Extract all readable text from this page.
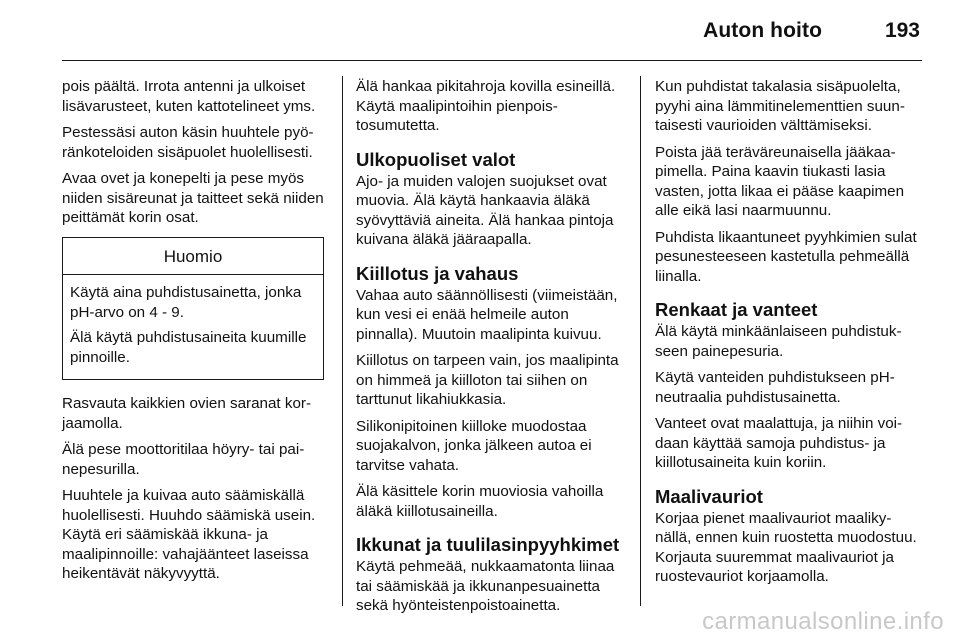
Auton hoito	193

pois päältä. Irrota antenni ja ulkoiset lisävarusteet, kuten kattotelineet yms.

Pestessäsi auton käsin huuhtele pyöränkoteloiden sisäpuolet huolellisesti.

Avaa ovet ja konepelti ja pese myös niiden sisäreunat ja taitteet sekä niiden peittämät korin osat.

Huomio

Käytä aina puhdistusainetta, jonka pH-arvo on 4 - 9.

Älä käytä puhdistusaineita kuumille pinnoille.

Rasvauta kaikkien ovien saranat korjaamolla.

Älä pese moottoritilaa höyry- tai painepesurilla.

Huuhtele ja kuivaa auto säämiskällä huolellisesti. Huuhdo säämiskä usein. Käytä eri säämiskää ikkuna- ja maalipinnoille: vahajäänteet laseissa heikentävät näkyvyyttä.

Älä hankaa pikitahroja kovilla esineillä. Käytä maalipintoihin pienpoistosumutetta.

Ulkopuoliset valot

Ajo- ja muiden valojen suojukset ovat muovia. Älä käytä hankaavia äläkä syövyttäviä aineita. Älä hankaa pintoja kuivana äläkä jääraapalla.

Kiillotus ja vahaus

Vahaa auto säännöllisesti (viimeistään, kun vesi ei enää helmeile auton pinnalla). Muutoin maalipinta kuivuu.

Kiillotus on tarpeen vain, jos maalipinta on himmeä ja kiilloton tai siihen on tarttunut likahiukkasia.

Silikonipitoinen kiilloke muodostaa suojakalvon, jonka jälkeen autoa ei tarvitse vahata.

Älä käsittele korin muoviosia vahoilla äläkä kiillotusaineilla.

Ikkunat ja tuulilasinpyyhkimet

Käytä pehmeää, nukkaamatonta liinaa tai säämiskää ja ikkunanpesuainetta sekä hyönteistenpoistoainetta.

Kun puhdistat takalasia sisäpuolelta, pyyhi aina lämmitinelementtien suuntaisesti vaurioiden välttämiseksi.

Poista jää teräväreunaisella jääkaapimella. Paina kaavin tiukasti lasia vasten, jotta likaa ei pääse kaapimen alle eikä lasi naarmuunnu.

Puhdista likaantuneet pyyhkimien sulat pesunesteeseen kastetulla pehmeällä liinalla.

Renkaat ja vanteet

Älä käytä minkäänlaiseen puhdistukseen painepesuria.

Käytä vanteiden puhdistukseen pH-neutraalia puhdistusainetta.

Vanteet ovat maalattuja, ja niihin voidaan käyttää samoja puhdistus- ja kiillotusaineita kuin koriin.

Maalivauriot

Korjaa pienet maalivauriot maalikynällä, ennen kuin ruostetta muodostuu. Korjauta suuremmat maalivauriot ja ruostevauriot korjaamolla.

carmanualsonline.info
